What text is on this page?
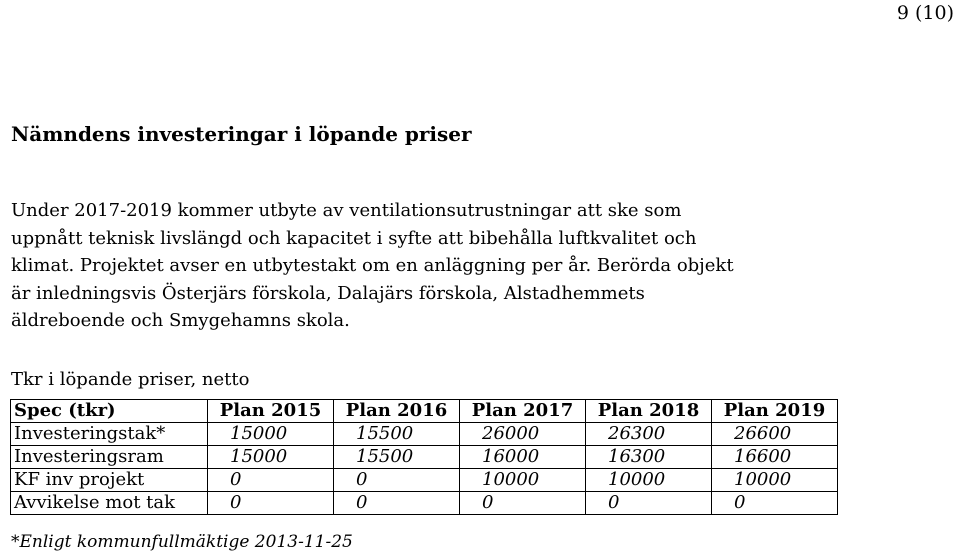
9 (10)
Nämndens investeringar i löpande priser
Under 2017-2019 kommer utbyte av ventilationsutrustningar att ske som
uppnått teknisk livslängd och kapacitet i syfte att bibehålla luftkvalitet och
klimat. Projektet avser en utbytestakt om en anläggning per år. Berörda objekt
är inledningsvis Österjärs förskola, Dalajärs förskola, Alstadhemmets
äldreboende och Smygehamns skola.
Tkr i löpande priser, netto
Spec (tkr)	Plan 2015	Plan 2016	Plan 2017	Plan 2018	Plan 2019
Investeringstak*	15000	15500	26000	26300	26600
Investeringsram	15000	15500	16000	16300	16600
KF inv projekt	0	0	10000	10000	10000
Avvikelse mot tak	0	0	0	0	0
*Enligt kommunfullmäktige 2013-11-25
